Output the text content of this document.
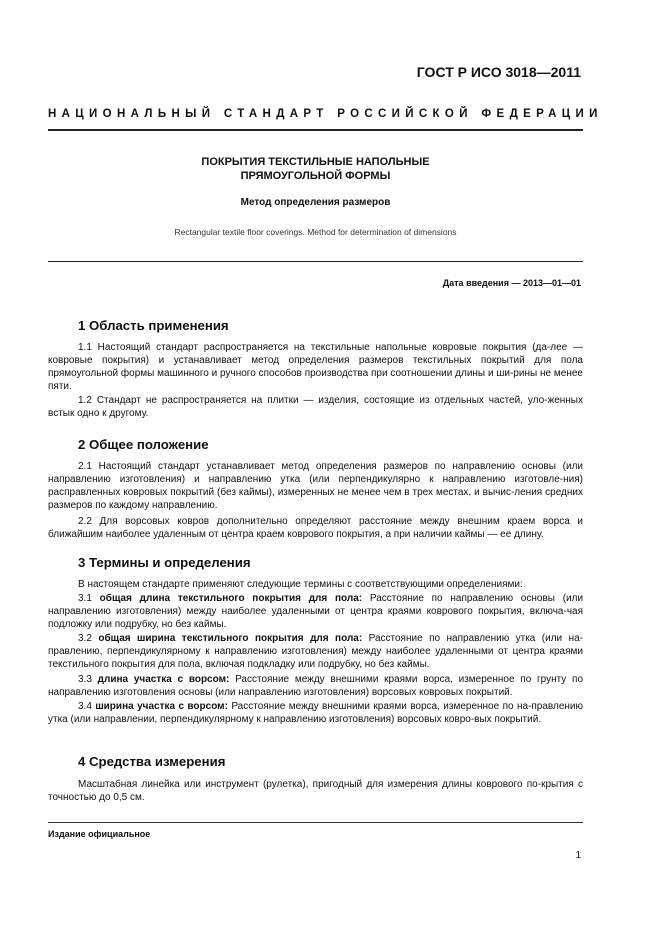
ГОСТ Р ИСО 3018—2011
НАЦИОНАЛЬНЫЙ СТАНДАРТ РОССИЙСКОЙ ФЕДЕРАЦИИ
ПОКРЫТИЯ ТЕКСТИЛЬНЫЕ НАПОЛЬНЫЕ
ПРЯМОУГОЛЬНОЙ ФОРМЫ
Метод определения размеров
Rectangular textile floor coverings. Method for determination of dimensions
Дата введения — 2013—01—01
1 Область применения

1.1 Настоящий стандарт распространяется на текстильные напольные ковровые покрытия (да-лее — ковровые покрытия) и устанавливает метод определения размеров текстильных покрытий для пола прямоугольной формы машинного и ручного способов производства при соотношении длины и ши-рины не менее пяти.

1.2 Стандарт не распространяется на плитки — изделия, состоящие из отдельных частей, уло-женных встык одно к другому.

2 Общее положение

2.1 Настоящий стандарт устанавливает метод определения размеров по направлению основы (или направлению изготовления) и направлению утка (или перпендикулярно к направлению изготовле-ния) распрaвленных ковровых покрытий (без каймы), измеренных не менее чем в трех местах, и вычис-ления средних размеров по каждому направлению.

2.2 Для ворсовых ковров дополнительно определяют расстояние между внешним краем ворса и ближайшим наиболее удаленным от центра краем коврового покрытия, а при наличии каймы — ее длину.

3 Термины и определения

В настоящем стандарте применяют следующие термины с соответствующими определениями:

3.1 общая длина текстильного покрытия для пола: Расстояние по направлению основы (или направлению изготовления) между наиболее удаленными от центра краями коврового покрытия, включа-чая подложку или подрубку, но без каймы.

3.2 общая ширина текстильного покрытия для пола: Расстояние по направлению утка (или на-правлению, перпендикулярному к направлению изготовления) между наиболее удаленными от центра краями текстильного покрытия для пола, включая подкладку или подрубку, но без каймы.

3.3 длина участка с ворсом: Расстояние между внешними краями ворса, измеренное по грунту по направлению изготовления основы (или направлению изготовления) ворсовых ковровых покрытий.

3.4 ширина участка с ворсом: Расстояние между внешними краями ворса, измеренное по на-правлению утка (или направлении, перпендикулярному к направлению изготовления) ворсовых ковро-вых покрытий.

4 Средства измерения

Масштабная линейка или инструмент (рулетка), пригодный для измерения длины коврового по-крытия с точностью до 0,5 см.

Издание официальное
1
